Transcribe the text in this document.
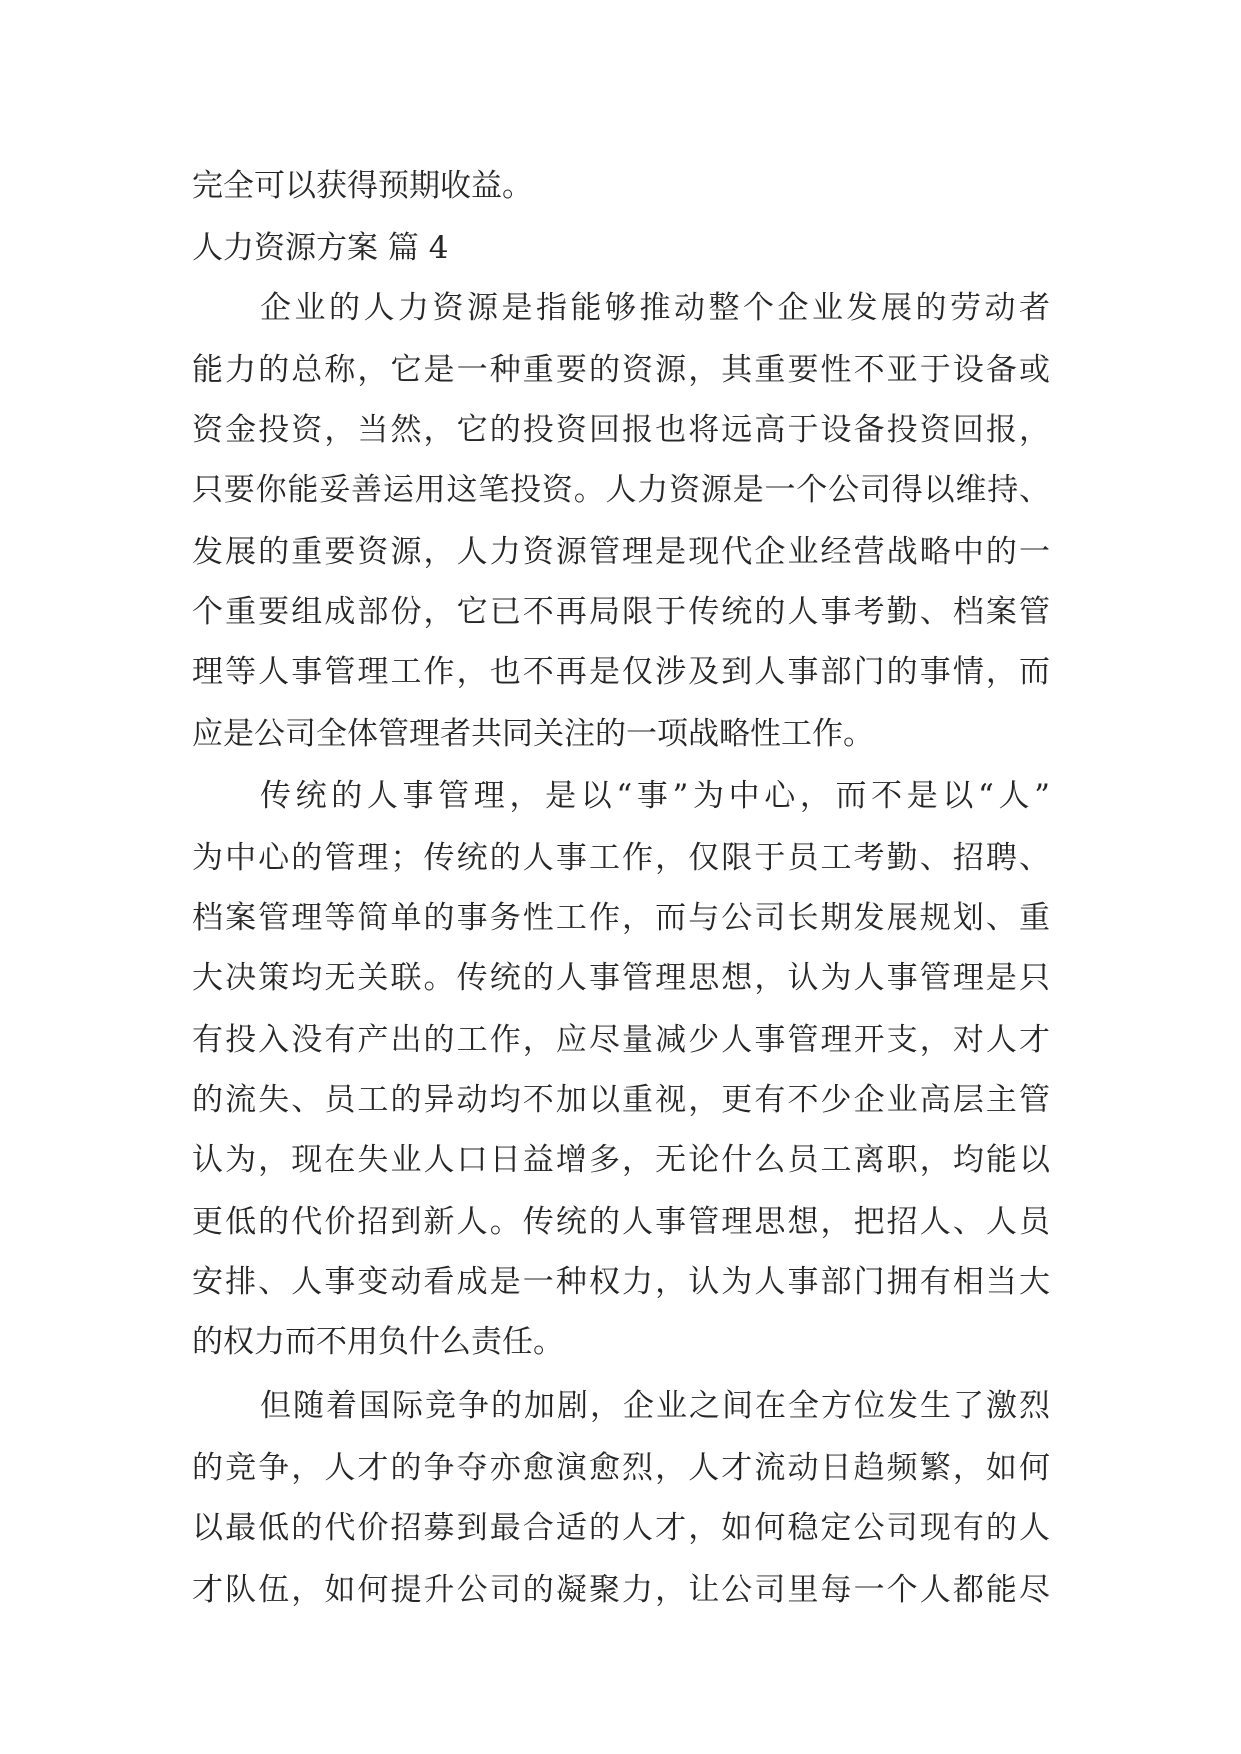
完全可以获得预期收益。
人力资源方案 篇 4
企业的人力资源是指能够推动整个企业发展的劳动者
能力的总称，它是一种重要的资源，其重要性不亚于设备或
资金投资，当然，它的投资回报也将远高于设备投资回报，
只要你能妥善运用这笔投资。人力资源是一个公司得以维持、
发展的重要资源，人力资源管理是现代企业经营战略中的一
个重要组成部份，它已不再局限于传统的人事考勤、档案管
理等人事管理工作，也不再是仅涉及到人事部门的事情，而
应是公司全体管理者共同关注的一项战略性工作。
传统的人事管理，是以“事”为中心，而不是以“人”
为中心的管理；传统的人事工作，仅限于员工考勤、招聘、
档案管理等简单的事务性工作，而与公司长期发展规划、重
大决策均无关联。传统的人事管理思想，认为人事管理是只
有投入没有产出的工作，应尽量减少人事管理开支，对人才
的流失、员工的异动均不加以重视，更有不少企业高层主管
认为，现在失业人口日益增多，无论什么员工离职，均能以
更低的代价招到新人。传统的人事管理思想，把招人、人员
安排、人事变动看成是一种权力，认为人事部门拥有相当大
的权力而不用负什么责任。
但随着国际竞争的加剧，企业之间在全方位发生了激烈
的竞争，人才的争夺亦愈演愈烈，人才流动日趋频繁，如何
以最低的代价招募到最合适的人才，如何稳定公司现有的人
才队伍，如何提升公司的凝聚力，让公司里每一个人都能尽
